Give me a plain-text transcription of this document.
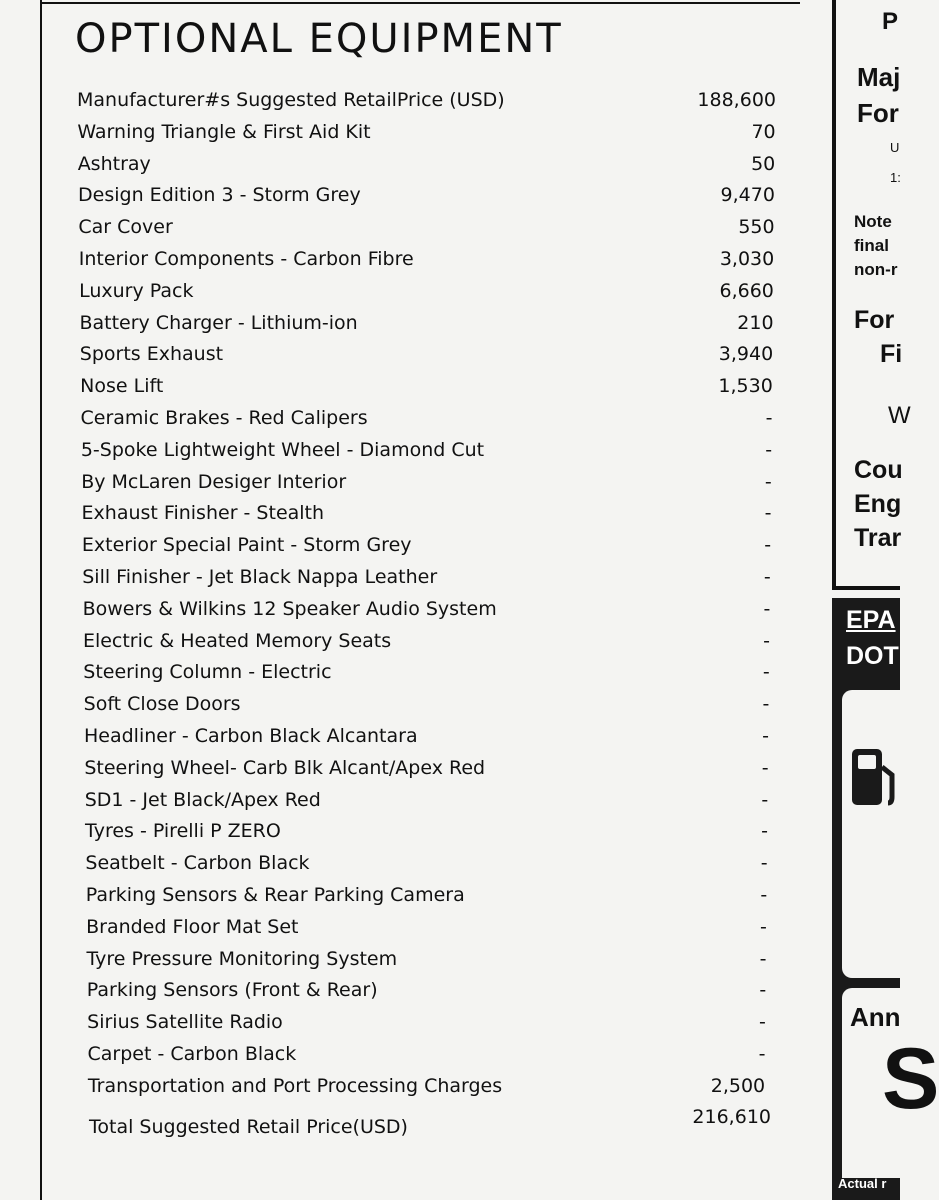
OPTIONAL EQUIPMENT
Manufacturer#s Suggested RetailPrice (USD)	188,600
Warning Triangle & First Aid Kit	70
Ashtray	50
Design Edition 3 - Storm Grey	9,470
Car Cover	550
Interior Components - Carbon Fibre	3,030
Luxury Pack	6,660
Battery Charger - Lithium-ion	210
Sports Exhaust	3,940
Nose Lift	1,530
Ceramic Brakes - Red Calipers	-
5-Spoke Lightweight Wheel - Diamond Cut	-
By McLaren Desiger Interior	-
Exhaust Finisher - Stealth	-
Exterior Special Paint - Storm Grey	-
Sill Finisher - Jet Black Nappa Leather	-
Bowers & Wilkins 12 Speaker Audio System	-
Electric & Heated Memory Seats	-
Steering Column - Electric	-
Soft Close Doors	-
Headliner - Carbon Black Alcantara	-
Steering Wheel- Carb Blk Alcant/Apex Red	-
SD1 - Jet Black/Apex Red	-
Tyres - Pirelli P ZERO	-
Seatbelt - Carbon Black	-
Parking Sensors & Rear Parking Camera	-
Branded Floor Mat Set	-
Tyre Pressure Monitoring System	-
Parking Sensors (Front & Rear)	-
Sirius Satellite Radio	-
Carpet - Carbon Black	-
Transportation and Port Processing Charges	2,500
Total Suggested Retail Price(USD)	216,610
P
Maj
For
U
1:
Note
final
non-r
For
Fi
W
Cou
Eng
Trar
EPA
DOT
Ann
S
Actual r
